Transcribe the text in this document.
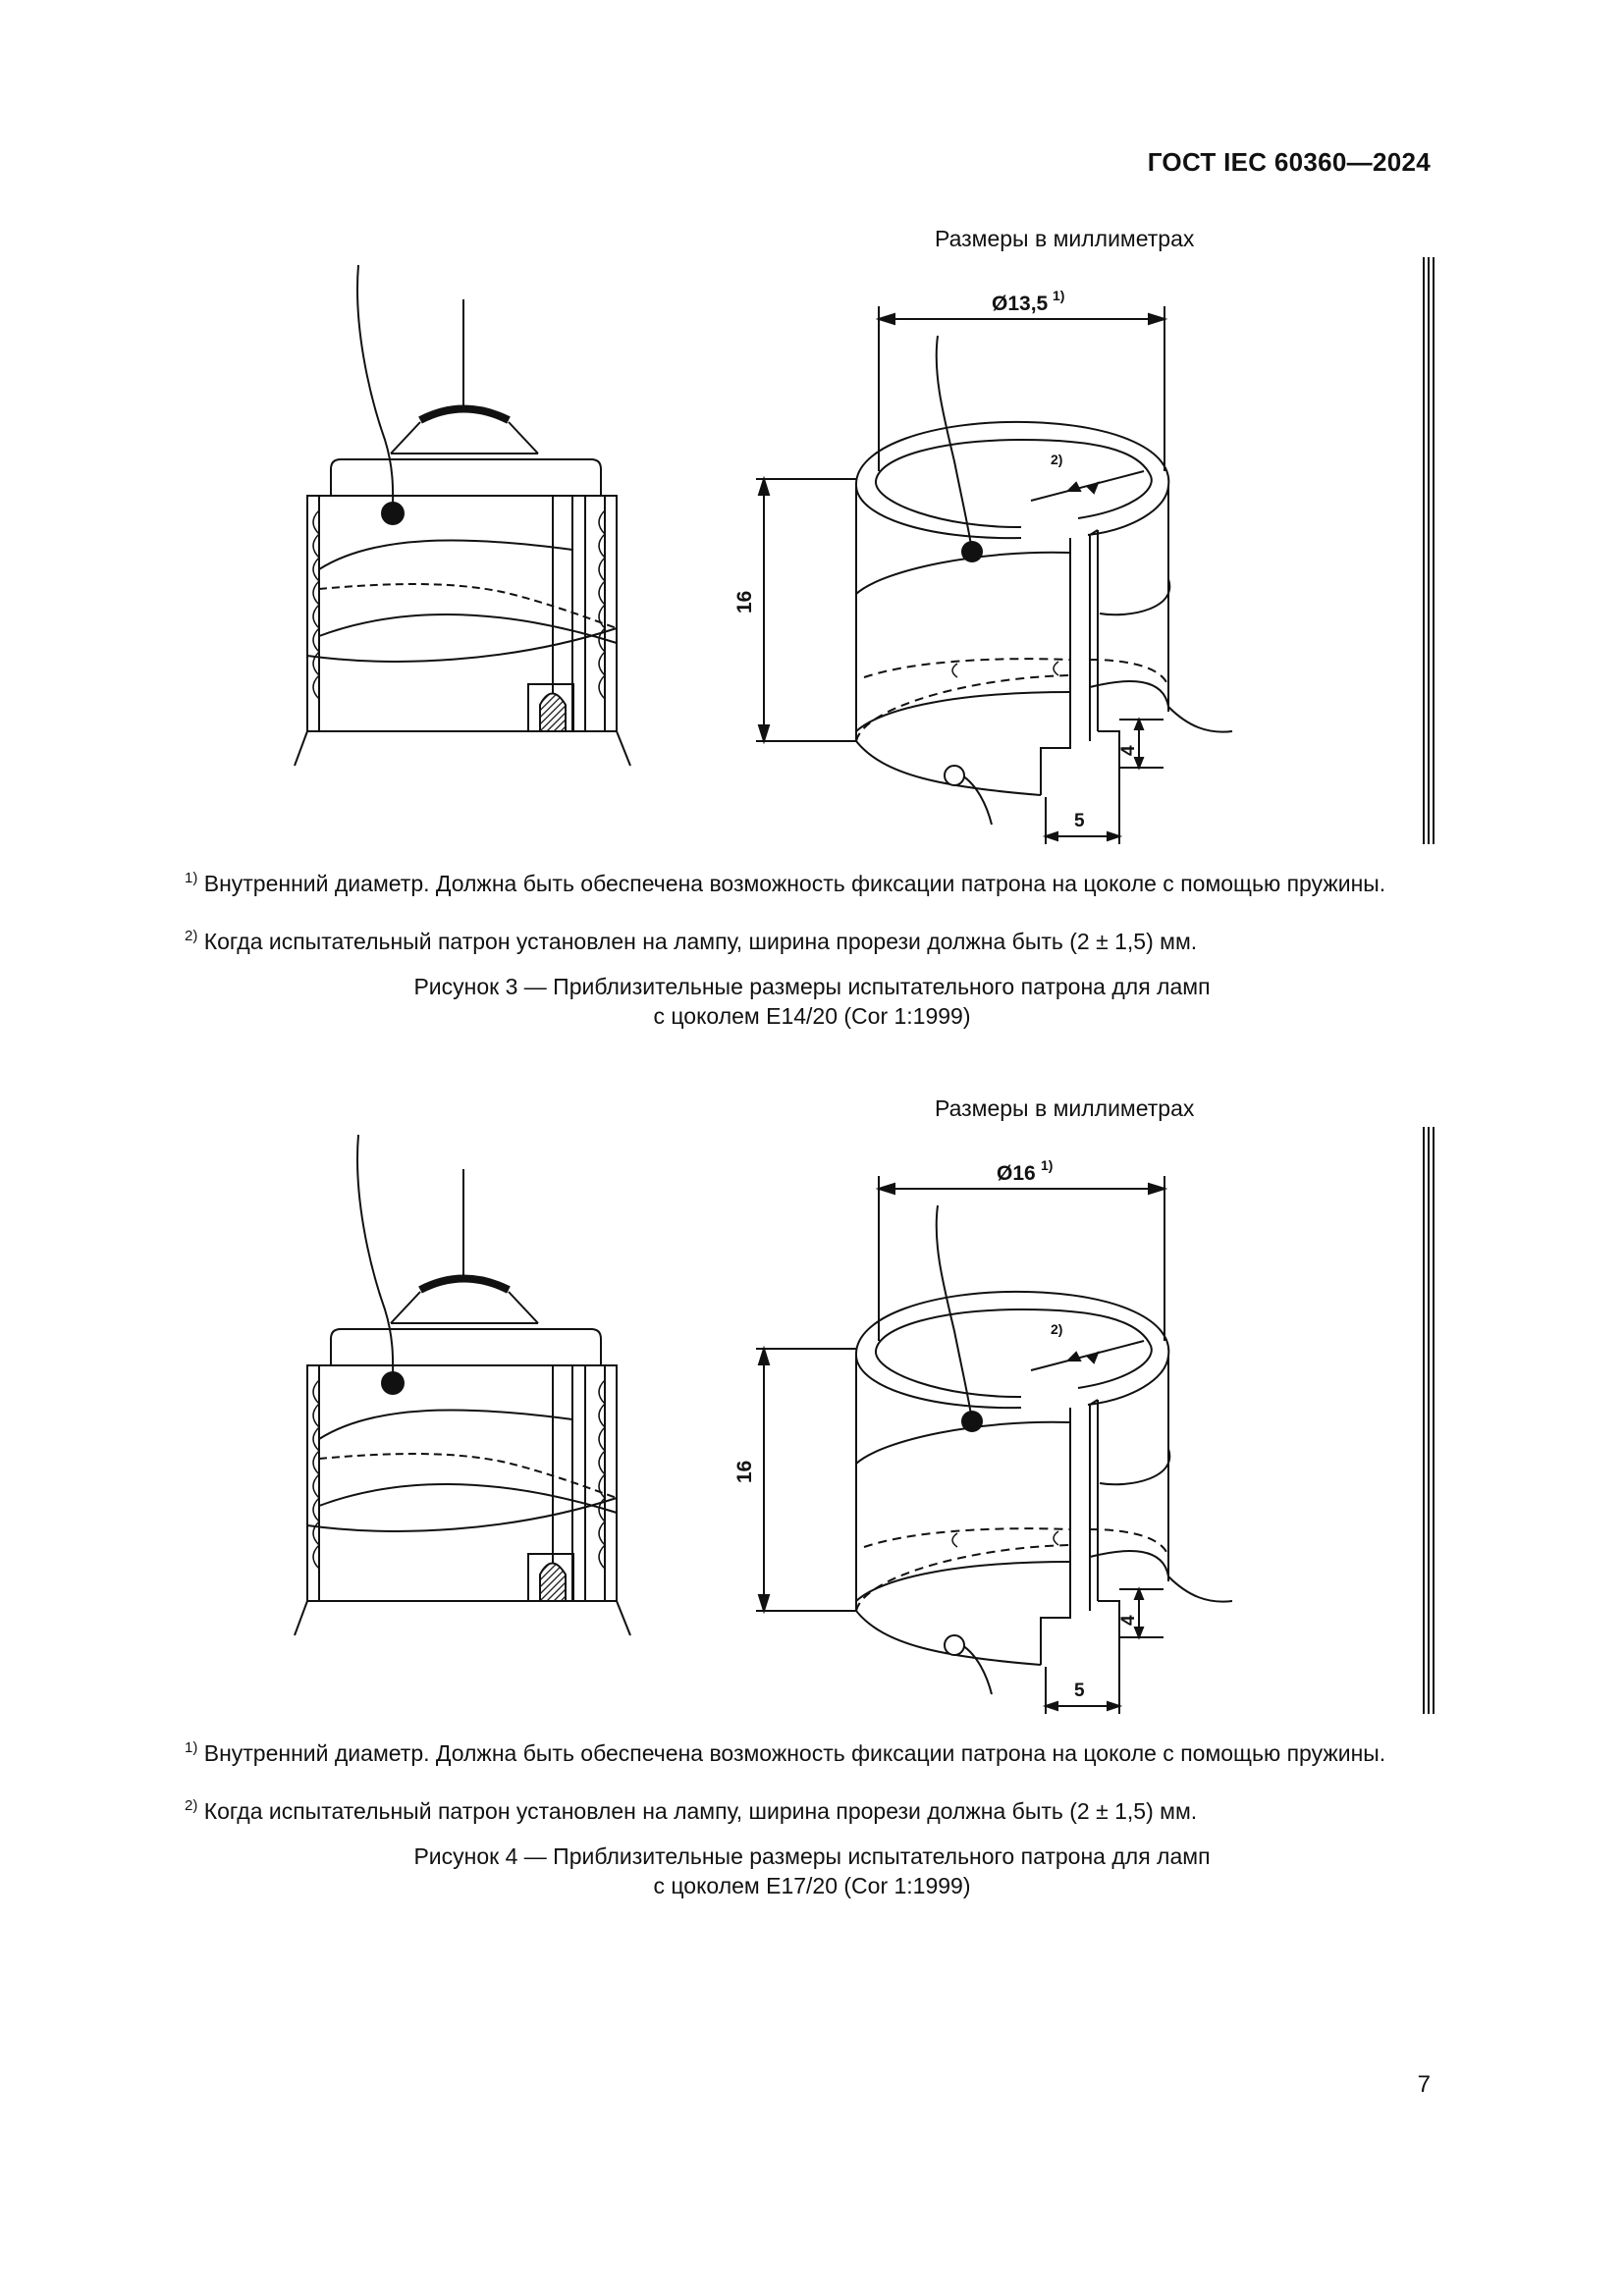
ГОСТ IEC 60360—2024
Размеры в миллиметрах
Ø13,5 1)
2)
16
4
5
$^{1)}$ Внутренний диаметр. Должна быть обеспечена возможность фиксации патрона на цоколе с помощью пружины.
$^{2)}$ Когда испытательный патрон установлен на лампу, ширина прорези должна быть (2 ± 1,5) мм.
Рисунок 3 — Приблизительные размеры испытательного патрона для ламп
с цоколем E14/20 (Cor 1:1999)
Размеры в миллиметрах
Ø16 1)
2)
16
4
5
$^{1)}$ Внутренний диаметр. Должна быть обеспечена возможность фиксации патрона на цоколе с помощью пружины.
$^{2)}$ Когда испытательный патрон установлен на лампу, ширина прорези должна быть (2 ± 1,5) мм.
Рисунок 4 — Приблизительные размеры испытательного патрона для ламп
с цоколем E17/20 (Cor 1:1999)
7
